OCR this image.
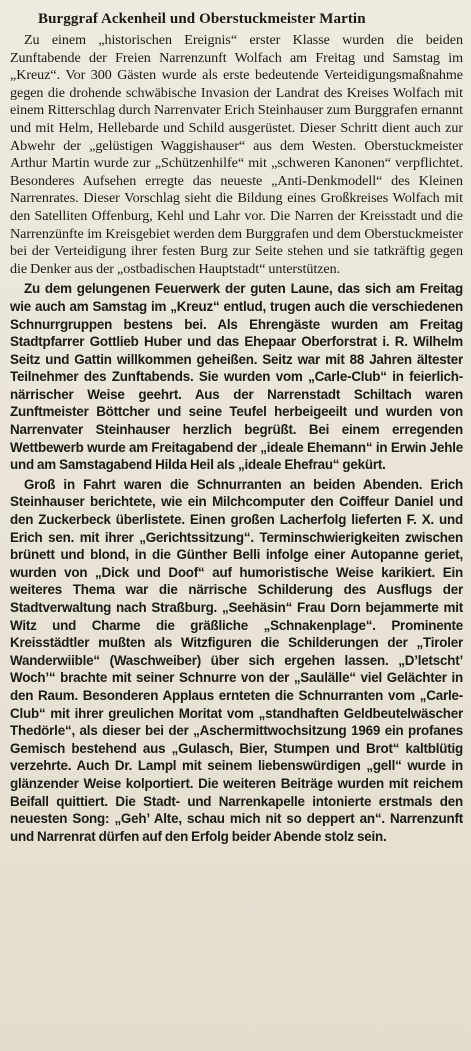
Burggraf Ackenheil und Oberstuckmeister Martin

Zu einem „historischen Ereignis“ erster Klasse wurden die beiden Zunftabende der Freien Narrenzunft Wolfach am Freitag und Samstag im „Kreuz“. Vor 300 Gästen wurde als erste bedeutende Verteidigungsmaßnahme gegen die drohende schwäbische Invasion der Landrat des Kreises Wolfach mit einem Ritterschlag durch Narrenvater Erich Steinhauser zum Burggrafen ernannt und mit Helm, Hellebarde und Schild ausgerüstet. Dieser Schritt dient auch zur Abwehr der „gelüstigen Waggishauser“ aus dem Westen. Oberstuckmeister Arthur Martin wurde zur „Schützenhilfe“ mit „schweren Kanonen“ verpflichtet. Besonderes Aufsehen erregte das neueste „Anti-Denkmodell“ des Kleinen Narrenrates. Dieser Vorschlag sieht die Bildung eines Großkreises Wolfach mit den Satelliten Offenburg, Kehl und Lahr vor. Die Narren der Kreisstadt und die Narrenzünfte im Kreisgebiet werden dem Burggrafen und dem Oberstuckmeister bei der Verteidigung ihrer festen Burg zur Seite stehen und sie tatkräftig gegen die Denker aus der „ostbadischen Hauptstadt“ unterstützen.

Zu dem gelungenen Feuerwerk der guten Laune, das sich am Freitag wie auch am Samstag im „Kreuz“ entlud, trugen auch die verschiedenen Schnurrgruppen bestens bei. Als Ehrengäste wurden am Freitag Stadtpfarrer Gottlieb Huber und das Ehepaar Oberforstrat i. R. Wilhelm Seitz und Gattin willkommen geheißen. Seitz war mit 88 Jahren ältester Teilnehmer des Zunftabends. Sie wurden vom „Carle-Club“ in feierlich-närrischer Weise geehrt. Aus der Narrenstadt Schiltach waren Zunftmeister Böttcher und seine Teufel herbeigeeilt und wurden von Narrenvater Steinhauser herzlich begrüßt. Bei einem erregenden Wettbewerb wurde am Freitagabend der „ideale Ehemann“ in Erwin Jehle und am Samstagabend Hilda Heil als „ideale Ehefrau“ gekürt.

Groß in Fahrt waren die Schnurranten an beiden Abenden. Erich Steinhauser berichtete, wie ein Milchcomputer den Coiffeur Daniel und den Zuckerbeck überlistete. Einen großen Lacherfolg lieferten F. X. und Erich sen. mit ihrer „Gerichtssitzung“. Terminschwierigkeiten zwischen brünett und blond, in die Günther Belli infolge einer Autopanne geriet, wurden von „Dick und Doof“ auf humoristische Weise karikiert. Ein weiteres Thema war die närrische Schilderung des Ausflugs der Stadtverwaltung nach Straßburg. „Seehäsin“ Frau Dorn bejammerte mit Witz und Charme die gräßliche „Schnakenplage“. Prominente Kreisstädtler mußten als Witzfiguren die Schilderungen der „Tiroler Wanderwiible“ (Waschweiber) über sich ergehen lassen. „D’letscht’ Woch’“ brachte mit seiner Schnurre von der „Saulälle“ viel Gelächter in den Raum. Besonderen Applaus ernteten die Schnurranten vom „Carle-Club“ mit ihrer greulichen Moritat vom „standhaften Geldbeutelwäscher Thedörle“, als dieser bei der „Aschermittwochsitzung 1969 ein profanes Gemisch bestehend aus „Gulasch, Bier, Stumpen und Brot“ kaltblütig verzehrte. Auch Dr. Lampl mit seinem liebenswürdigen „gell“ wurde in glänzender Weise kolportiert. Die weiteren Beiträge wurden mit reichem Beifall quittiert. Die Stadt- und Narrenkapelle intonierte erstmals den neuesten Song: „Geh’ Alte, schau mich nit so deppert an“. Narrenzunft und Narrenrat dürfen auf den Erfolg beider Abende stolz sein.
